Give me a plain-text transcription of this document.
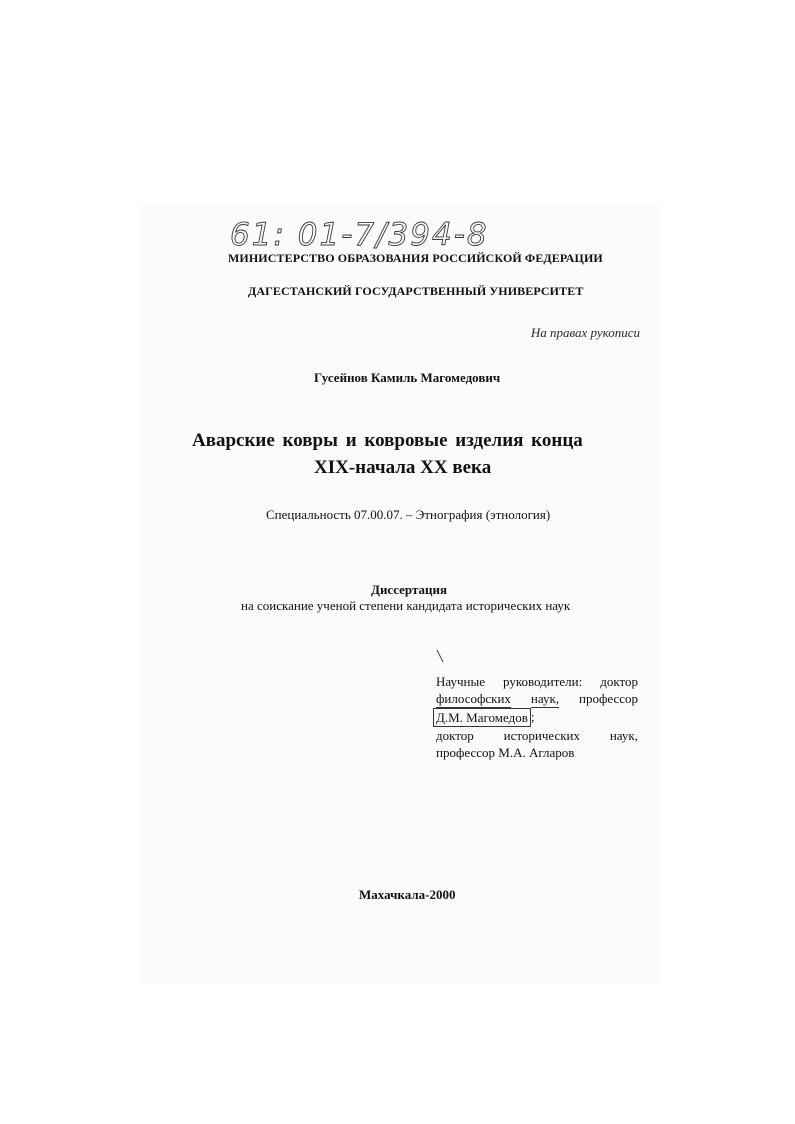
61: 01-7/394-8
МИНИСТЕРСТВО ОБРАЗОВАНИЯ РОССИЙСКОЙ ФЕДЕРАЦИИ
ДАГЕСТАНСКИЙ ГОСУДАРСТВЕННЫЙ УНИВЕРСИТЕТ
На правах рукописи
Гусейнов Камиль Магомедович
Аварские ковры и ковровые изделия конца
XIX-начала XX века
Специальность 07.00.07. – Этнография (этнология)
Диссертация
на соискание ученой степени кандидата исторических наук
Научные руководители: доктор
философских наук, профессор
Д.М. Магомедов ;
доктор исторических наук,
профессор М.А. Агларов
Махачкала-2000
